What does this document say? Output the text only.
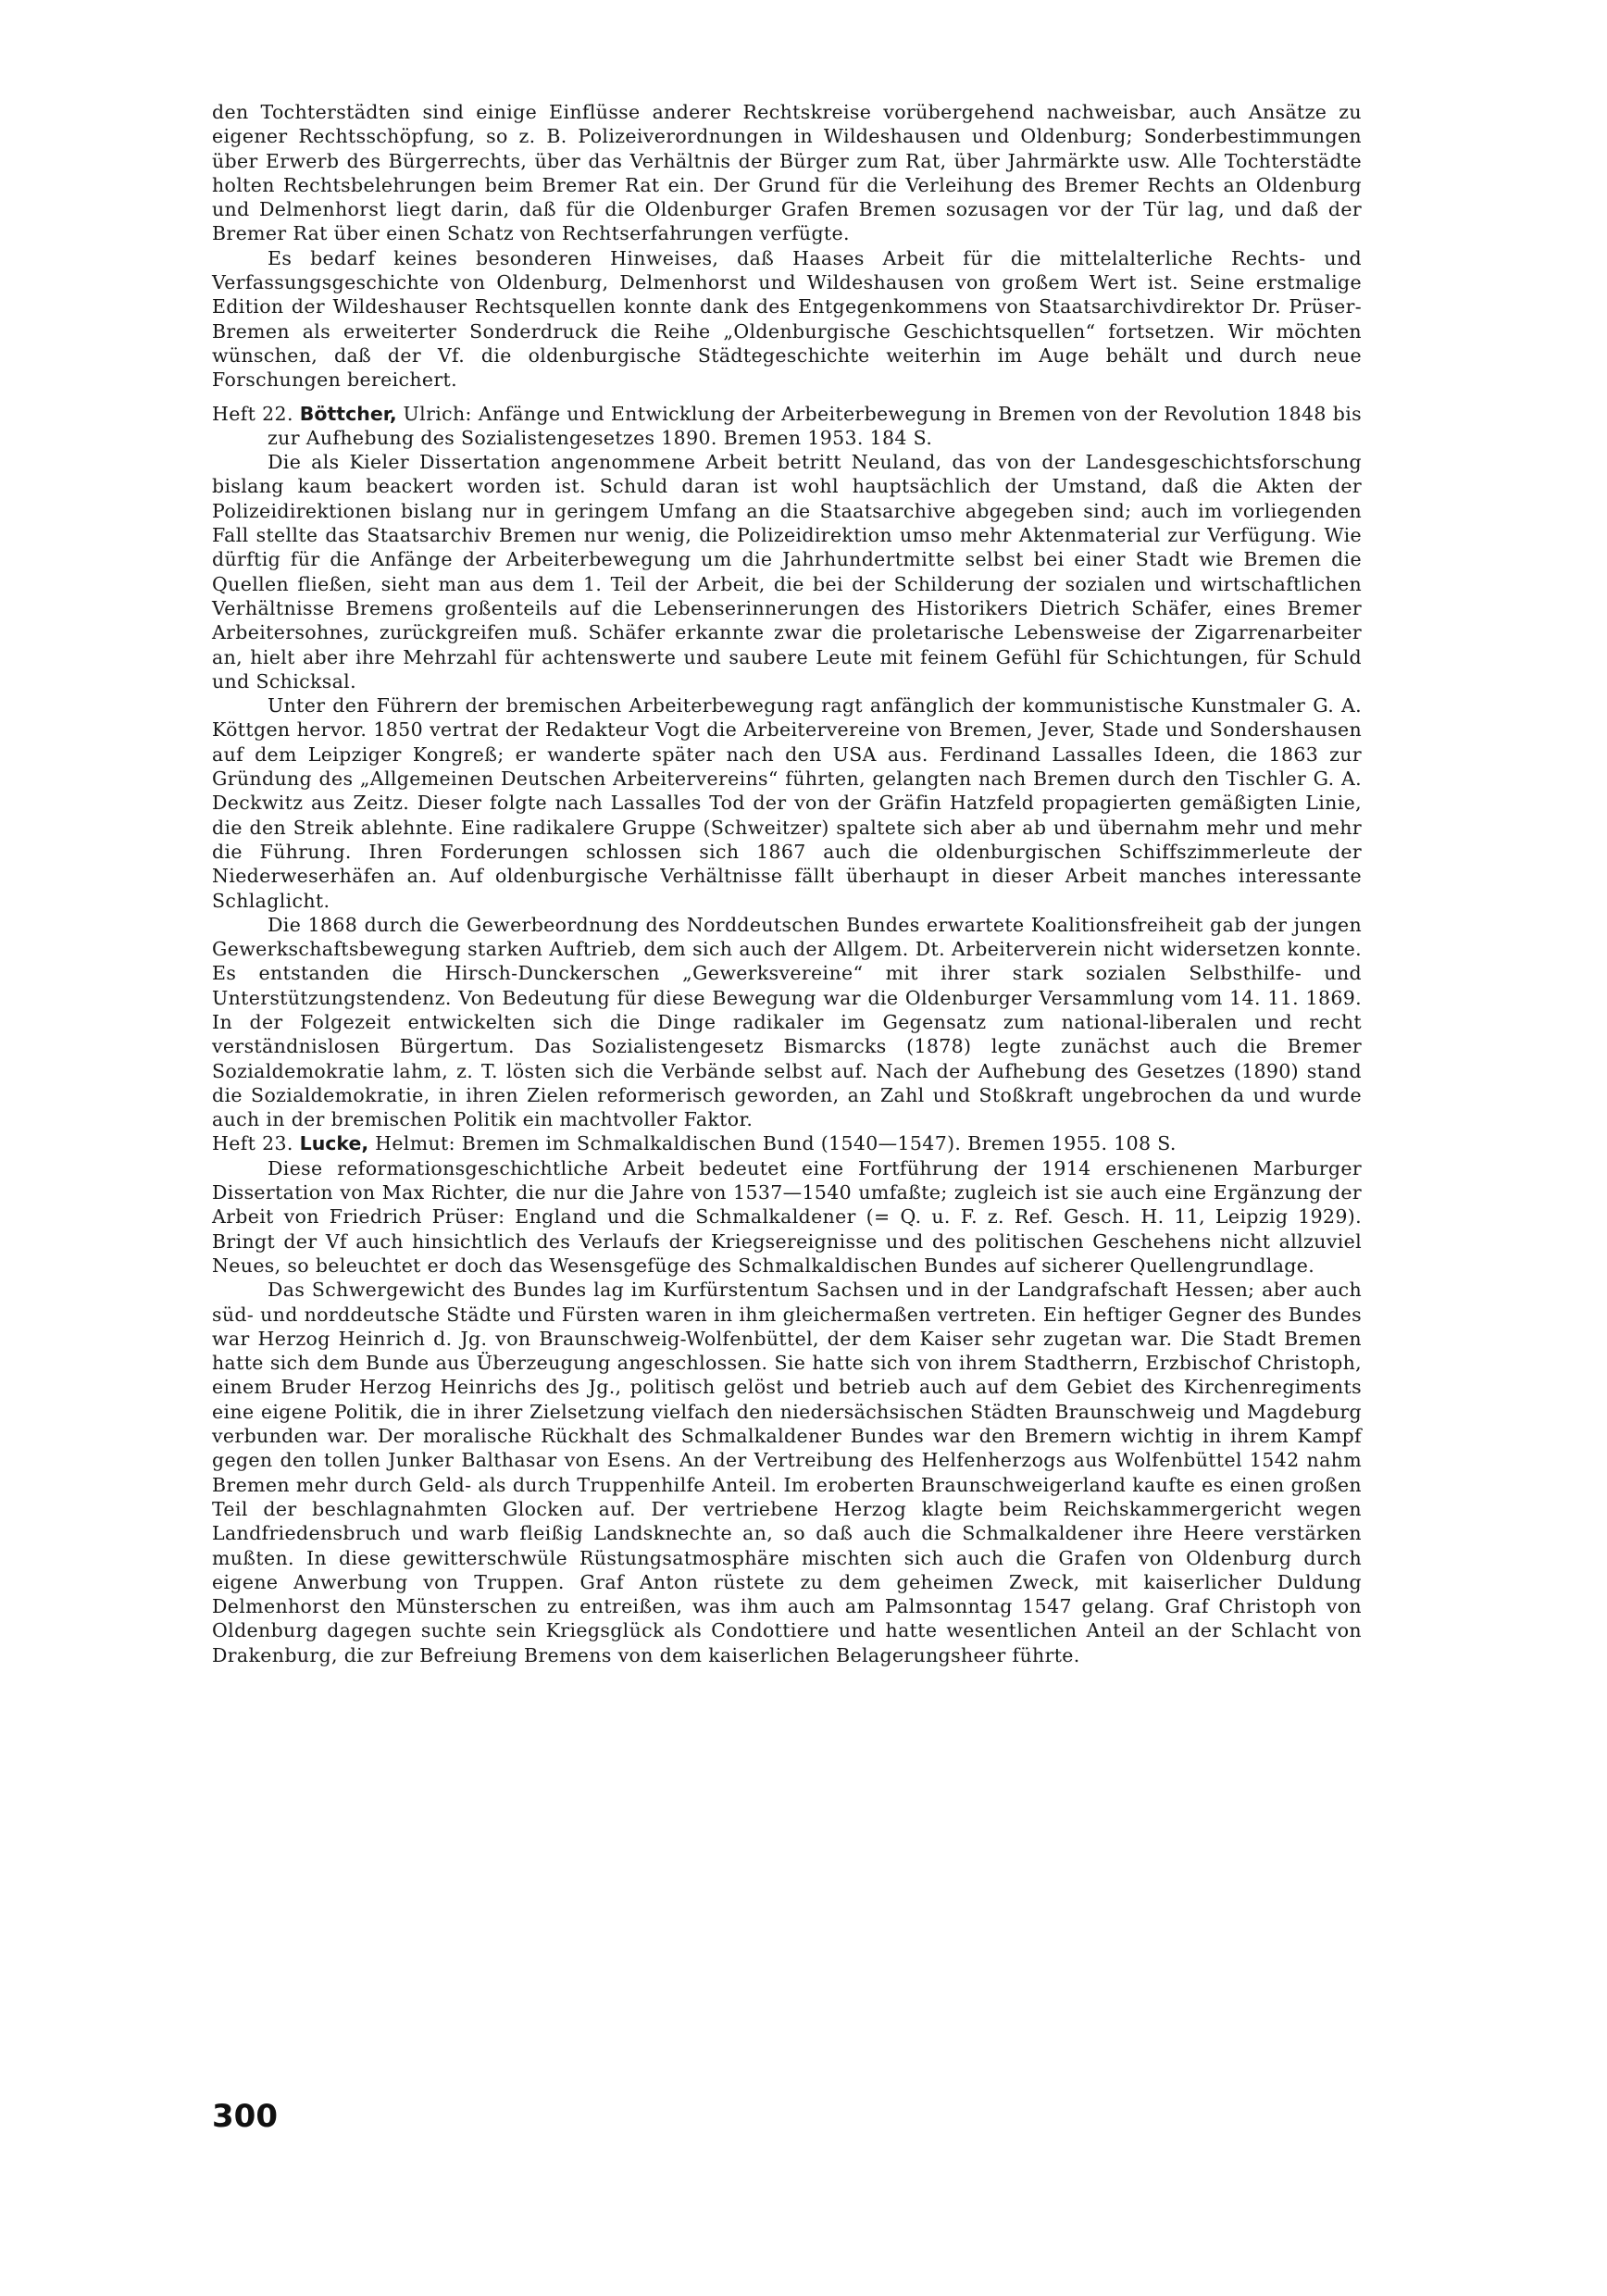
den Tochterstädten sind einige Einflüsse anderer Rechtskreise vorübergehend nachweisbar, auch Ansätze zu eigener Rechtsschöpfung, so z. B. Polizeiverordnungen in Wildeshausen und Oldenburg; Sonderbestimmungen über Erwerb des Bürgerrechts, über das Verhältnis der Bürger zum Rat, über Jahrmärkte usw. Alle Tochterstädte holten Rechtsbelehrungen beim Bremer Rat ein. Der Grund für die Verleihung des Bremer Rechts an Oldenburg und Delmenhorst liegt darin, daß für die Oldenburger Grafen Bremen sozusagen vor der Tür lag, und daß der Bremer Rat über einen Schatz von Rechtserfahrungen verfügte.

Es bedarf keines besonderen Hinweises, daß Haases Arbeit für die mittelalterliche Rechts- und Verfassungsgeschichte von Oldenburg, Delmenhorst und Wildeshausen von großem Wert ist. Seine erstmalige Edition der Wildeshauser Rechtsquellen konnte dank des Entgegenkommens von Staatsarchivdirektor Dr. Prüser-Bremen als erweiterter Sonderdruck die Reihe „Oldenburgische Geschichtsquellen“ fortsetzen. Wir möchten wünschen, daß der Vf. die oldenburgische Städtegeschichte weiterhin im Auge behält und durch neue Forschungen bereichert.

Heft 22. Böttcher, Ulrich: Anfänge und Entwicklung der Arbeiterbewegung in Bremen von der Revolution 1848 bis zur Aufhebung des Sozialistengesetzes 1890. Bremen 1953. 184 S.

Die als Kieler Dissertation angenommene Arbeit betritt Neuland, das von der Landesgeschichtsforschung bislang kaum beackert worden ist. Schuld daran ist wohl hauptsächlich der Umstand, daß die Akten der Polizeidirektionen bislang nur in geringem Umfang an die Staatsarchive abgegeben sind; auch im vorliegenden Fall stellte das Staatsarchiv Bremen nur wenig, die Polizeidirektion umso mehr Aktenmaterial zur Verfügung. Wie dürftig für die Anfänge der Arbeiterbewegung um die Jahrhundertmitte selbst bei einer Stadt wie Bremen die Quellen fließen, sieht man aus dem 1. Teil der Arbeit, die bei der Schilderung der sozialen und wirtschaftlichen Verhältnisse Bremens großenteils auf die Lebenserinnerungen des Historikers Dietrich Schäfer, eines Bremer Arbeitersohnes, zurückgreifen muß. Schäfer erkannte zwar die proletarische Lebensweise der Zigarrenarbeiter an, hielt aber ihre Mehrzahl für achtenswerte und saubere Leute mit feinem Gefühl für Schichtungen, für Schuld und Schicksal.

Unter den Führern der bremischen Arbeiterbewegung ragt anfänglich der kommunistische Kunstmaler G. A. Köttgen hervor. 1850 vertrat der Redakteur Vogt die Arbeitervereine von Bremen, Jever, Stade und Sondershausen auf dem Leipziger Kongreß; er wanderte später nach den USA aus. Ferdinand Lassalles Ideen, die 1863 zur Gründung des „Allgemeinen Deutschen Arbeitervereins“ führten, gelangten nach Bremen durch den Tischler G. A. Deckwitz aus Zeitz. Dieser folgte nach Lassalles Tod der von der Gräfin Hatzfeld propagierten gemäßigten Linie, die den Streik ablehnte. Eine radikalere Gruppe (Schweitzer) spaltete sich aber ab und übernahm mehr und mehr die Führung. Ihren Forderungen schlossen sich 1867 auch die oldenburgischen Schiffszimmerleute der Niederweserhäfen an. Auf oldenburgische Verhältnisse fällt überhaupt in dieser Arbeit manches interessante Schlaglicht.

Die 1868 durch die Gewerbeordnung des Norddeutschen Bundes erwartete Koalitionsfreiheit gab der jungen Gewerkschaftsbewegung starken Auftrieb, dem sich auch der Allgem. Dt. Arbeiterverein nicht widersetzen konnte. Es entstanden die Hirsch-Dunckerschen „Gewerksvereine“ mit ihrer stark sozialen Selbsthilfe- und Unterstützungstendenz. Von Bedeutung für diese Bewegung war die Oldenburger Versammlung vom 14. 11. 1869. In der Folgezeit entwickelten sich die Dinge radikaler im Gegensatz zum national-liberalen und recht verständnislosen Bürgertum. Das Sozialistengesetz Bismarcks (1878) legte zunächst auch die Bremer Sozialdemokratie lahm, z. T. lösten sich die Verbände selbst auf. Nach der Aufhebung des Gesetzes (1890) stand die Sozialdemokratie, in ihren Zielen reformerisch geworden, an Zahl und Stoßkraft ungebrochen da und wurde auch in der bremischen Politik ein machtvoller Faktor.

Heft 23. Lucke, Helmut: Bremen im Schmalkaldischen Bund (1540—1547). Bremen 1955. 108 S.

Diese reformationsgeschichtliche Arbeit bedeutet eine Fortführung der 1914 erschienenen Marburger Dissertation von Max Richter, die nur die Jahre von 1537—1540 umfaßte; zugleich ist sie auch eine Ergänzung der Arbeit von Friedrich Prüser: England und die Schmalkaldener (= Q. u. F. z. Ref. Gesch. H. 11, Leipzig 1929). Bringt der Vf auch hinsichtlich des Verlaufs der Kriegsereignisse und des politischen Geschehens nicht allzuviel Neues, so beleuchtet er doch das Wesensgefüge des Schmalkaldischen Bundes auf sicherer Quellengrundlage.

Das Schwergewicht des Bundes lag im Kurfürstentum Sachsen und in der Landgrafschaft Hessen; aber auch süd- und norddeutsche Städte und Fürsten waren in ihm gleichermaßen vertreten. Ein heftiger Gegner des Bundes war Herzog Heinrich d. Jg. von Braunschweig-Wolfenbüttel, der dem Kaiser sehr zugetan war. Die Stadt Bremen hatte sich dem Bunde aus Überzeugung angeschlossen. Sie hatte sich von ihrem Stadtherrn, Erzbischof Christoph, einem Bruder Herzog Heinrichs des Jg., politisch gelöst und betrieb auch auf dem Gebiet des Kirchenregiments eine eigene Politik, die in ihrer Zielsetzung vielfach den niedersächsischen Städten Braunschweig und Magdeburg verbunden war. Der moralische Rückhalt des Schmalkaldener Bundes war den Bremern wichtig in ihrem Kampf gegen den tollen Junker Balthasar von Esens. An der Vertreibung des Helfenherzogs aus Wolfenbüttel 1542 nahm Bremen mehr durch Geld- als durch Truppenhilfe Anteil. Im eroberten Braunschweigerland kaufte es einen großen Teil der beschlagnahmten Glocken auf. Der vertriebene Herzog klagte beim Reichskammergericht wegen Landfriedensbruch und warb fleißig Landsknechte an, so daß auch die Schmalkaldener ihre Heere verstärken mußten. In diese gewitterschwüle Rüstungsatmosphäre mischten sich auch die Grafen von Oldenburg durch eigene Anwerbung von Truppen. Graf Anton rüstete zu dem geheimen Zweck, mit kaiserlicher Duldung Delmenhorst den Münsterschen zu entreißen, was ihm auch am Palmsonntag 1547 gelang. Graf Christoph von Oldenburg dagegen suchte sein Kriegsglück als Condottiere und hatte wesentlichen Anteil an der Schlacht von Drakenburg, die zur Befreiung Bremens von dem kaiserlichen Belagerungsheer führte.

300
